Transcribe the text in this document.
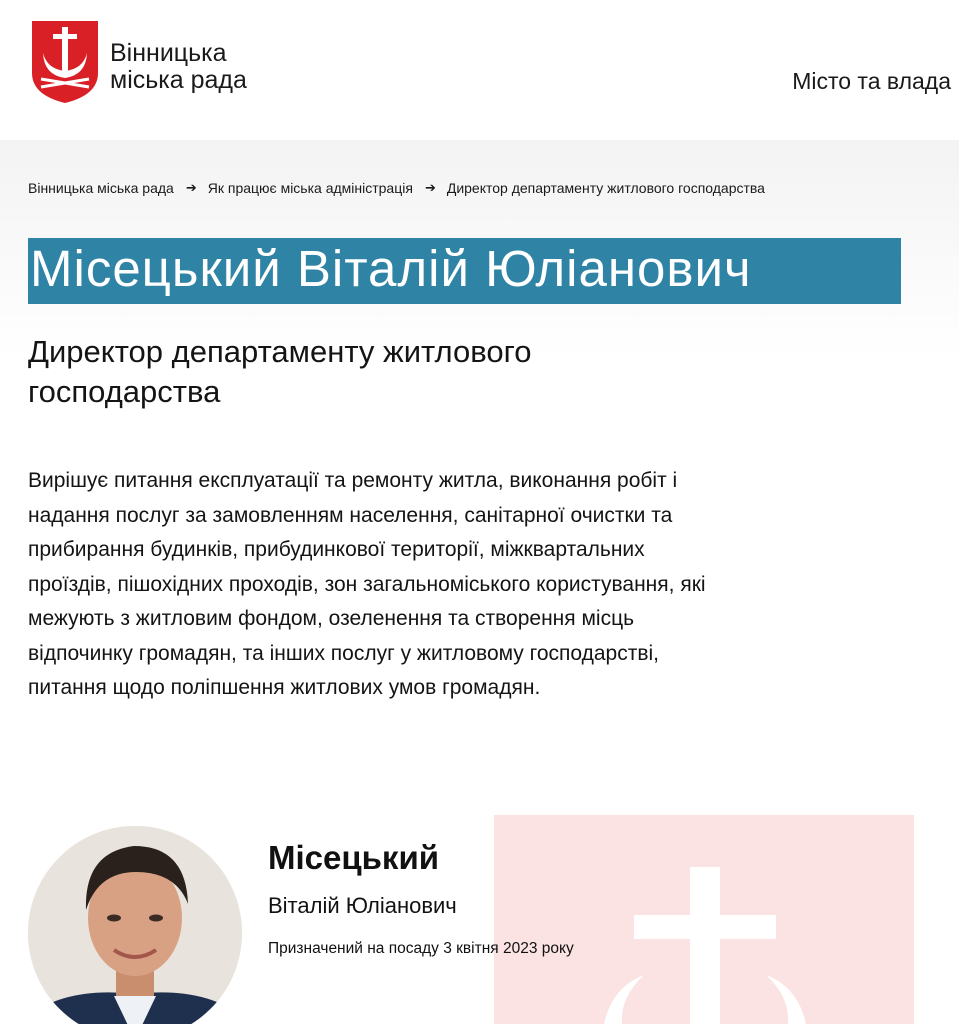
Вінницька
міська рада	Місто та влада
Вінницька міська рада ➔ Як працює міська адміністрація ➔ Директор департаменту житлового господарства
Місецький Віталій Юліанович
Директор департаменту житлового господарства

Вирішує питання експлуатації та ремонту житла, виконання робіт і надання послуг за замовленням населення, санітарної очистки та прибирання будинків, прибудинкової території, міжквартальних проїздів, пішохідних проходів, зон загальноміського користування, які межують з житловим фондом, озеленення та створення місць відпочинку громадян, та інших послуг у житловому господарстві, питання щодо поліпшення житлових умов громадян.

Місецький
Віталій Юліанович
Призначений на посаду 3 квітня 2023 року
